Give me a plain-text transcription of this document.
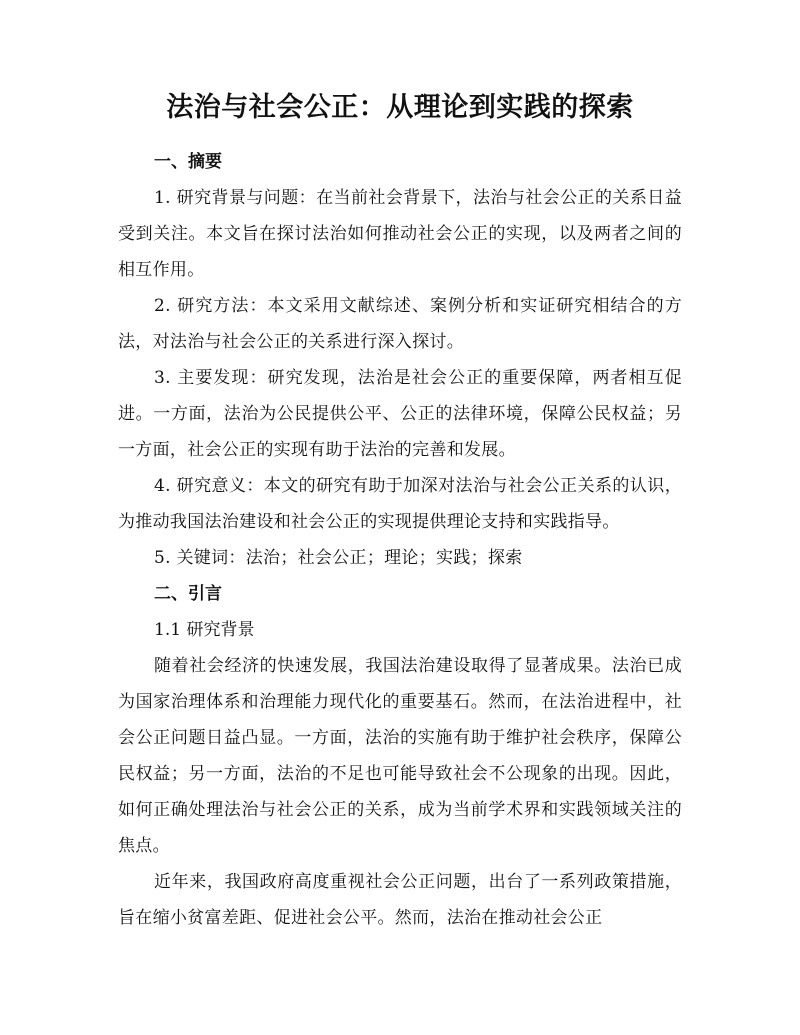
法治与社会公正：从理论到实践的探索
一、摘要

1. 研究背景与问题：在当前社会背景下，法治与社会公正的关系日益受到关注。本文旨在探讨法治如何推动社会公正的实现，以及两者之间的相互作用。

2. 研究方法：本文采用文献综述、案例分析和实证研究相结合的方法，对法治与社会公正的关系进行深入探讨。

3. 主要发现：研究发现，法治是社会公正的重要保障，两者相互促进。一方面，法治为公民提供公平、公正的法律环境，保障公民权益；另一方面，社会公正的实现有助于法治的完善和发展。

4. 研究意义：本文的研究有助于加深对法治与社会公正关系的认识，为推动我国法治建设和社会公正的实现提供理论支持和实践指导。

5. 关键词：法治；社会公正；理论；实践；探索

二、引言

1.1 研究背景

随着社会经济的快速发展，我国法治建设取得了显著成果。法治已成为国家治理体系和治理能力现代化的重要基石。然而，在法治进程中，社会公正问题日益凸显。一方面，法治的实施有助于维护社会秩序，保障公民权益；另一方面，法治的不足也可能导致社会不公现象的出现。因此，如何正确处理法治与社会公正的关系，成为当前学术界和实践领域关注的焦点。

近年来，我国政府高度重视社会公正问题，出台了一系列政策措施，旨在缩小贫富差距、促进社会公平。然而，法治在推动社会公正
